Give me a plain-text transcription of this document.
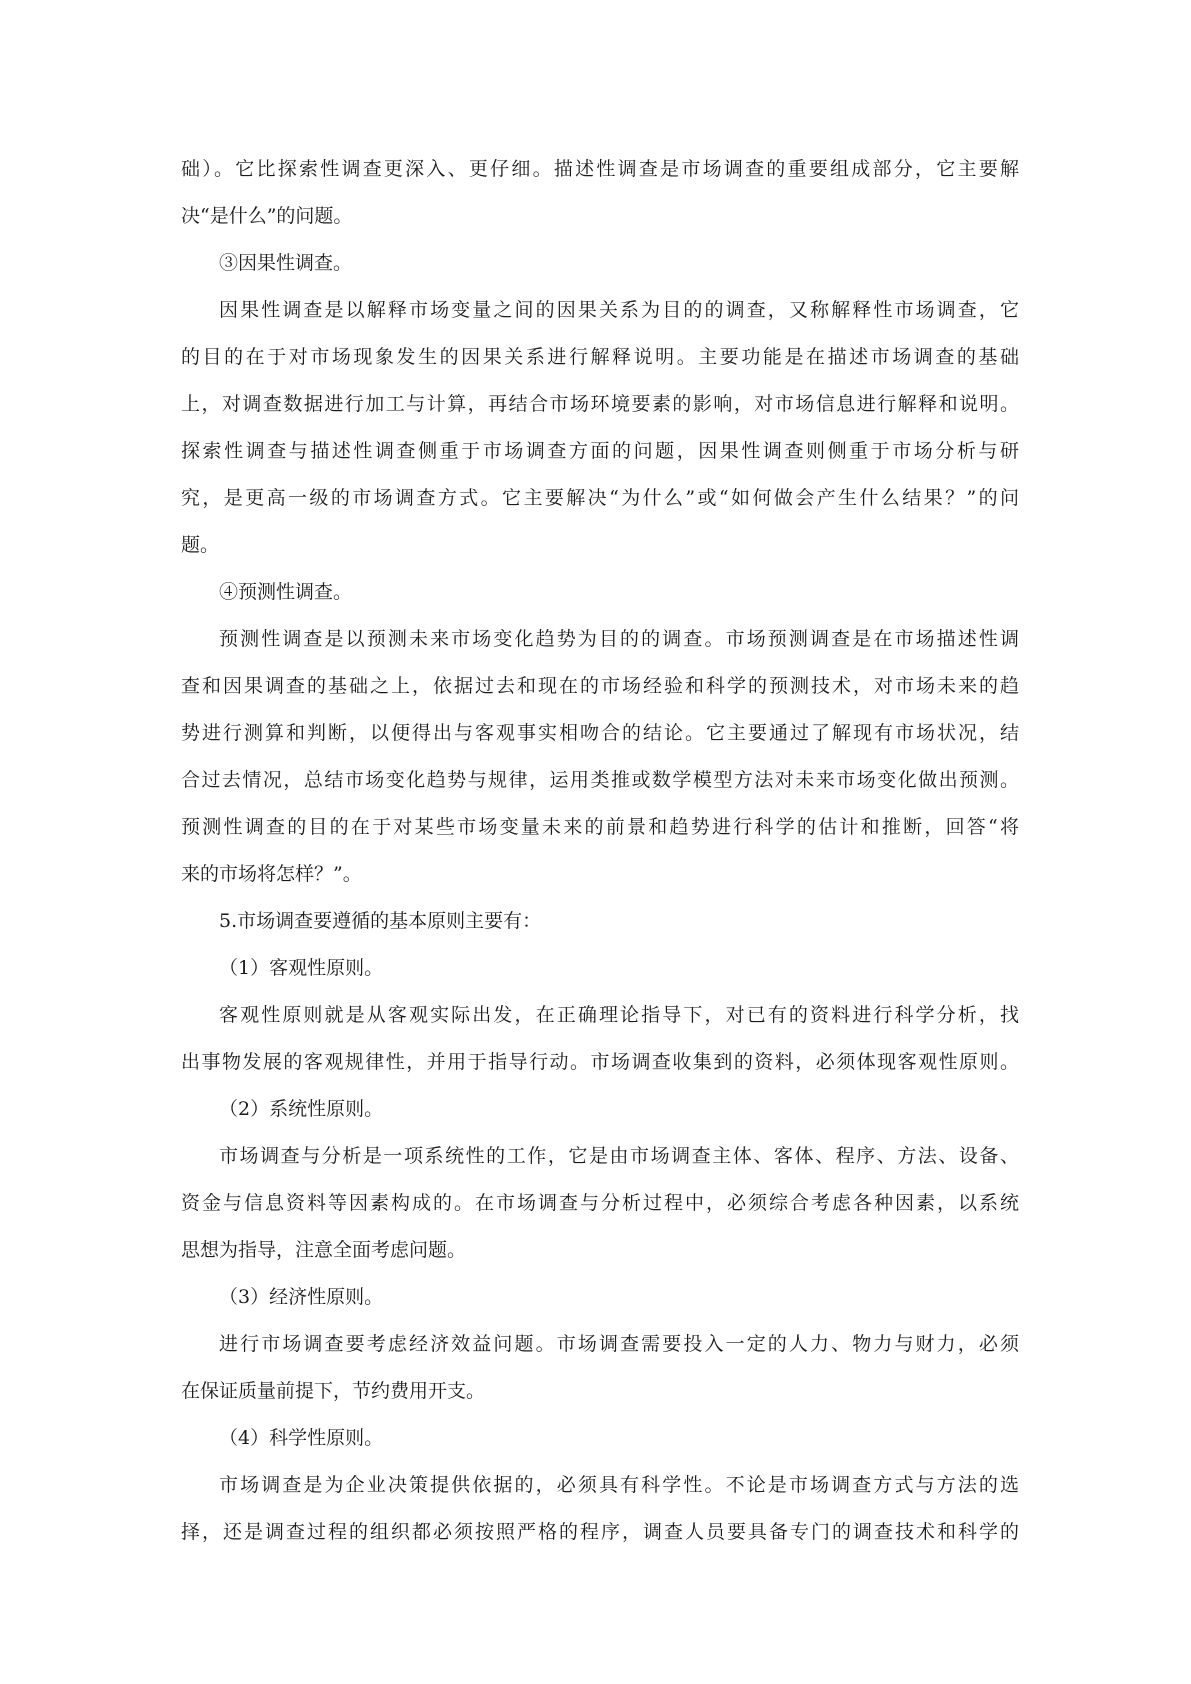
础）。它比探索性调查更深入、更仔细。描述性调查是市场调查的重要组成部分，它主要解
决“是什么”的问题。
③因果性调查。
因果性调查是以解释市场变量之间的因果关系为目的的调查，又称解释性市场调查，它
的目的在于对市场现象发生的因果关系进行解释说明。主要功能是在描述市场调查的基础
上，对调查数据进行加工与计算，再结合市场环境要素的影响，对市场信息进行解释和说明。
探索性调查与描述性调查侧重于市场调查方面的问题，因果性调查则侧重于市场分析与研
究，是更高一级的市场调查方式。它主要解决“为什么”或“如何做会产生什么结果？”的问
题。
④预测性调查。
预测性调查是以预测未来市场变化趋势为目的的调查。市场预测调查是在市场描述性调
查和因果调查的基础之上，依据过去和现在的市场经验和科学的预测技术，对市场未来的趋
势进行测算和判断，以便得出与客观事实相吻合的结论。它主要通过了解现有市场状况，结
合过去情况，总结市场变化趋势与规律，运用类推或数学模型方法对未来市场变化做出预测。
预测性调查的目的在于对某些市场变量未来的前景和趋势进行科学的估计和推断，回答“将
来的市场将怎样？”。
5.市场调查要遵循的基本原则主要有：
（1）客观性原则。
客观性原则就是从客观实际出发，在正确理论指导下，对已有的资料进行科学分析，找
出事物发展的客观规律性，并用于指导行动。市场调查收集到的资料，必须体现客观性原则。
（2）系统性原则。
市场调查与分析是一项系统性的工作，它是由市场调查主体、客体、程序、方法、设备、
资金与信息资料等因素构成的。在市场调查与分析过程中，必须综合考虑各种因素，以系统
思想为指导，注意全面考虑问题。
（3）经济性原则。
进行市场调查要考虑经济效益问题。市场调查需要投入一定的人力、物力与财力，必须
在保证质量前提下，节约费用开支。
（4）科学性原则。
市场调查是为企业决策提供依据的，必须具有科学性。不论是市场调查方式与方法的选
择，还是调查过程的组织都必须按照严格的程序，调查人员要具备专门的调查技术和科学的
